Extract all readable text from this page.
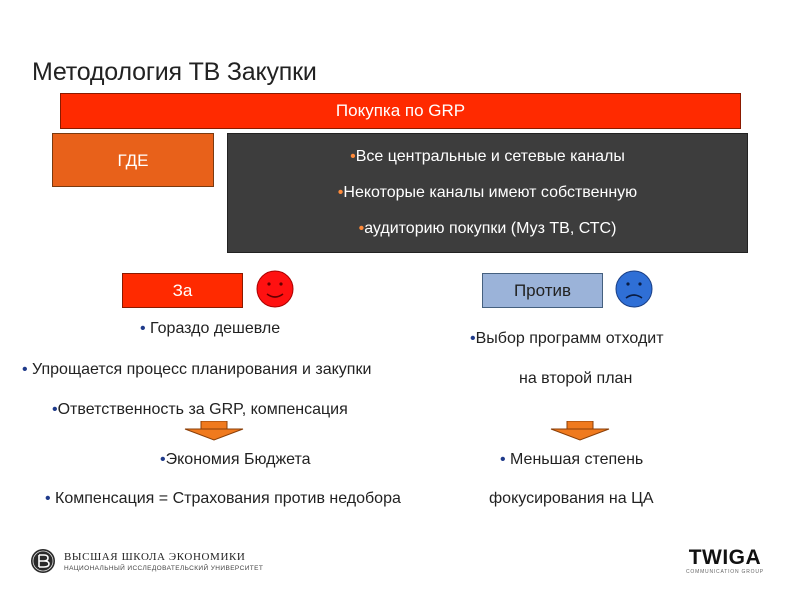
Методология ТВ Закупки
Покупка по GRP
ГДЕ	•Все центральные и сетевые каналы
•Некоторые каналы имеют собственную
•аудиторию покупки (Муз ТВ, СТС)
За	Против
• Гораздо дешевле
• Упрощается процесс планирования и закупки
•Ответственность за GRP, компенсация
•Экономия Бюджета
• Компенсация = Страхования против недобора
•Выбор программ отходит
на второй план
• Меньшая степень
фокусирования на ЦА
ВЫСШАЯ ШКОЛА ЭКОНОМИКИ
НАЦИОНАЛЬНЫЙ ИССЛЕДОВАТЕЛЬСКИЙ УНИВЕРСИТЕТ	TWIGA
COMMUNICATION GROUP
